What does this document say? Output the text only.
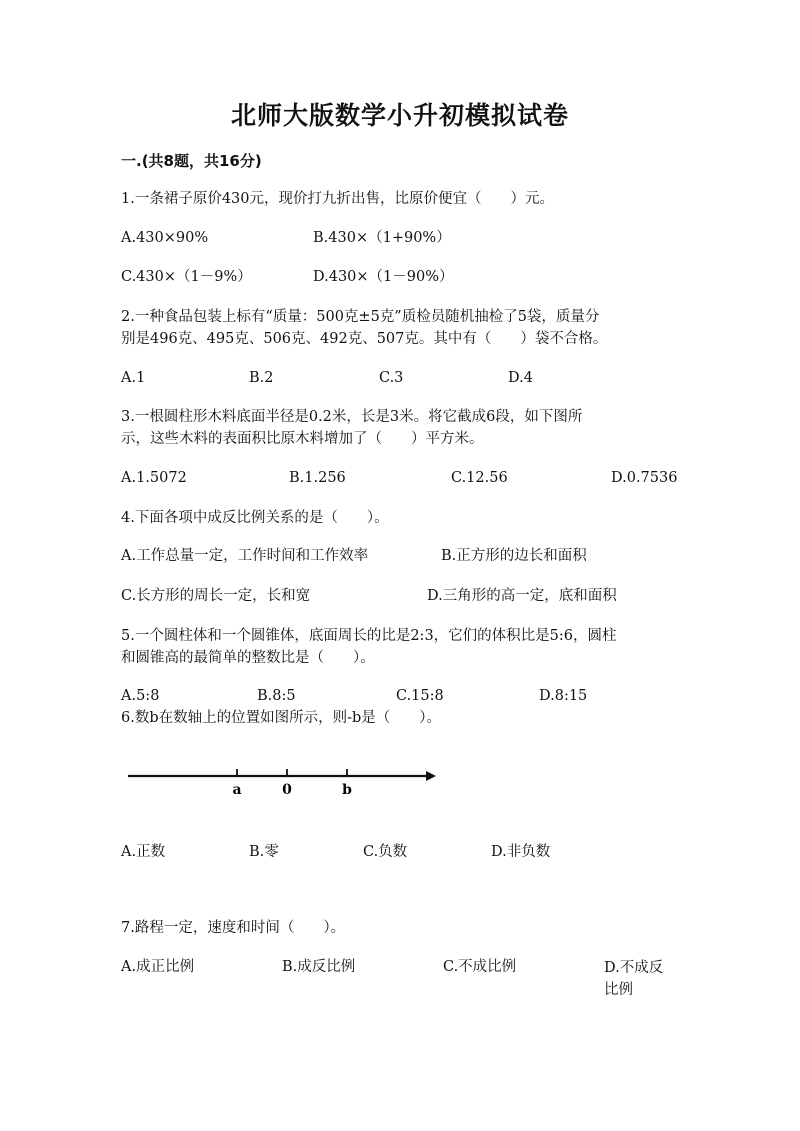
北师大版数学小升初模拟试卷
一.(共8题，共16分)
1.一条裙子原价430元，现价打九折出售，比原价便宜（　　）元。
A.430×90%	B.430×（1+90%）
C.430×（1－9%）	D.430×（1－90%）
2.一种食品包装上标有“质量：500克±5克”质检员随机抽检了5袋，质量分
别是496克、495克、506克、492克、507克。其中有（　　）袋不合格。
A.1	B.2	C.3	D.4
3.一根圆柱形木料底面半径是0.2米，长是3米。将它截成6段，如下图所
示，这些木料的表面积比原木料增加了（　　）平方米。
A.1.5072	B.1.256	C.12.56	D.0.7536
4.下面各项中成反比例关系的是（　　）。
A.工作总量一定，工作时间和工作效率	B.正方形的边长和面积
C.长方形的周长一定，长和宽	D.三角形的高一定，底和面积
5.一个圆柱体和一个圆锥体，底面周长的比是2:3，它们的体积比是5:6，圆柱
和圆锥高的最简单的整数比是（　　）。
A.5:8	B.8:5	C.15:8	D.8:15
6.数b在数轴上的位置如图所示，则-b是（　　）。
a	0	b
A.正数	B.零	C.负数	D.非负数
7.路程一定，速度和时间（　　）。
A.成正比例	B.成反比例	C.不成比例	D.不成反比例
